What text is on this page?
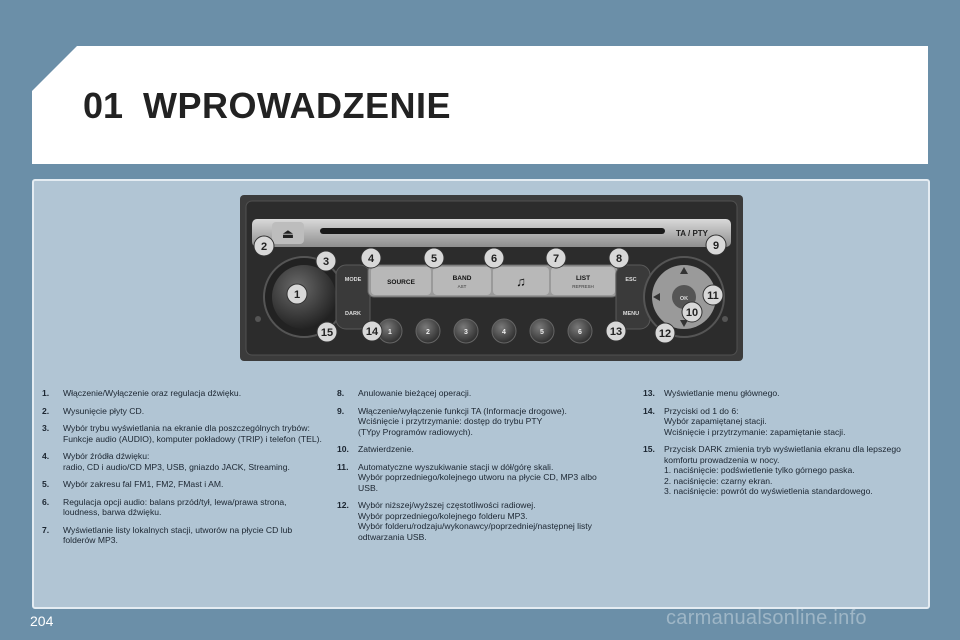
01 WPROWADZENIE
⏏	TA / PTY
MODE
DARK
SOURCE
BAND
AST	♫	LIST
REFRESH
ESC
MENU
OK
1	2	3	4	5	6
1
2
3	4	5	6	7	8
9
10
11
12
13
14
15
1. Włączenie/Wyłączenie oraz regulacja dźwięku.
2. Wysunięcie płyty CD.
3. Wybór trybu wyświetlania na ekranie dla poszczególnych trybów:
Funkcje audio (AUDIO), komputer pokładowy (TRIP) i telefon (TEL).
4. Wybór źródła dźwięku:
radio, CD i audio/CD MP3, USB, gniazdo JACK, Streaming.
5. Wybór zakresu fal FM1, FM2, FMast i AM.
6. Regulacja opcji audio: balans przód/tył, lewa/prawa strona, loudness, barwa dźwięku.
7. Wyświetlanie listy lokalnych stacji, utworów na płycie CD lub folderów MP3.
8. Anulowanie bieżącej operacji.
9. Włączenie/wyłączenie funkcji TA (Informacje drogowe).
Wciśnięcie i przytrzymanie: dostęp do trybu PTY
(TYpy Programów radiowych).
10. Zatwierdzenie.
11. Automatyczne wyszukiwanie stacji w dół/górę skali.
Wybór poprzedniego/kolejnego utworu na płycie CD, MP3 albo USB.
12. Wybór niższej/wyższej częstotliwości radiowej.
Wybór poprzedniego/kolejnego folderu MP3.
Wybór folderu/rodzaju/wykonawcy/poprzedniej/następnej listy odtwarzania USB.
13. Wyświetlanie menu głównego.
14. Przyciski od 1 do 6:
Wybór zapamiętanej stacji.
Wciśnięcie i przytrzymanie: zapamiętanie stacji.
15. Przycisk DARK zmienia tryb wyświetlania ekranu dla lepszego komfortu prowadzenia w nocy.
1. naciśnięcie: podświetlenie tylko górnego paska.
2. naciśnięcie: czarny ekran.
3. naciśnięcie: powrót do wyświetlenia standardowego.
204	carmanualsonline.info
